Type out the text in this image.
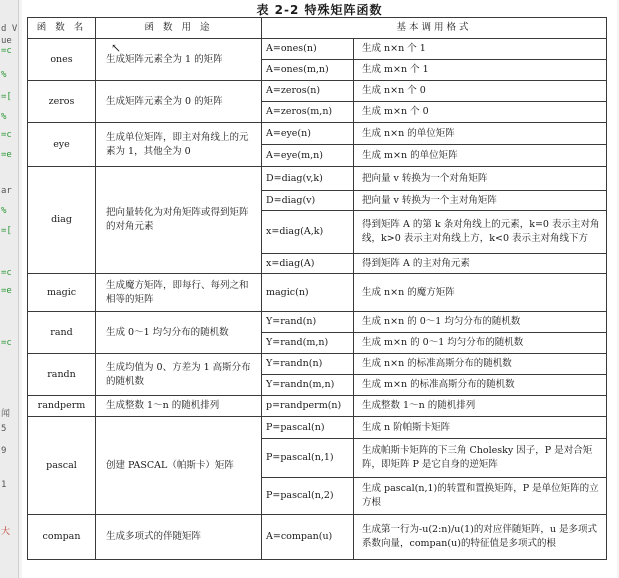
d V
ue
=c
%
=[
%
=c
=e
ar
%
=[
=c
=e
=c
闻
5
9
1
大
表 2-2 特殊矩阵函数
函 数 名	函 数 用 途	基本调用格式	
ones	生成矩阵元素全为 1 的矩阵	A=ones(n)	生成 n×n 个 1
		A=ones(m,n)	生成 m×n 个 1
zeros	生成矩阵元素全为 0 的矩阵	A=zeros(n)	生成 n×n 个 0
		A=zeros(m,n)	生成 m×n 个 0
eye	生成单位矩阵，即主对角线上的元素为 1，其他全为 0	A=eye(n)	生成 n×n 的单位矩阵
		A=eye(m,n)	生成 m×n 的单位矩阵
diag	把向量转化为对角矩阵或得到矩阵的对角元素	D=diag(v,k)	把向量 v 转换为一个对角矩阵
		D=diag(v)	把向量 v 转换为一个主对角矩阵
		x=diag(A,k)	得到矩阵 A 的第 k 条对角线上的元素，k=0 表示主对角线，k>0 表示主对角线上方，k<0 表示主对角线下方
		x=diag(A)	得到矩阵 A 的主对角元素
magic	生成魔方矩阵，即每行、每列之和相等的矩阵	magic(n)	生成 n×n 的魔方矩阵
rand	生成 0～1 均匀分布的随机数	Y=rand(n)	生成 n×n 的 0～1 均匀分布的随机数
		Y=rand(m,n)	生成 m×n 的 0～1 均匀分布的随机数
randn	生成均值为 0、方差为 1 高斯分布的随机数	Y=randn(n)	生成 n×n 的标准高斯分布的随机数
		Y=randn(m,n)	生成 m×n 的标准高斯分布的随机数
randperm	生成整数 1～n 的随机排列	p=randperm(n)	生成整数 1～n 的随机排列
pascal	创建 PASCAL（帕斯卡）矩阵	P=pascal(n)	生成 n 阶帕斯卡矩阵
		P=pascal(n,1)	生成帕斯卡矩阵的下三角 Cholesky 因子，P 是对合矩阵，即矩阵 P 是它自身的逆矩阵
		P=pascal(n,2)	生成 pascal(n,1)的转置和置换矩阵，P 是单位矩阵的立方根
compan	生成多项式的伴随矩阵	A=compan(u)	生成第一行为-u(2:n)/u(1)的对应伴随矩阵，u 是多项式系数向量，compan(u)的特征值是多项式的根
↖
